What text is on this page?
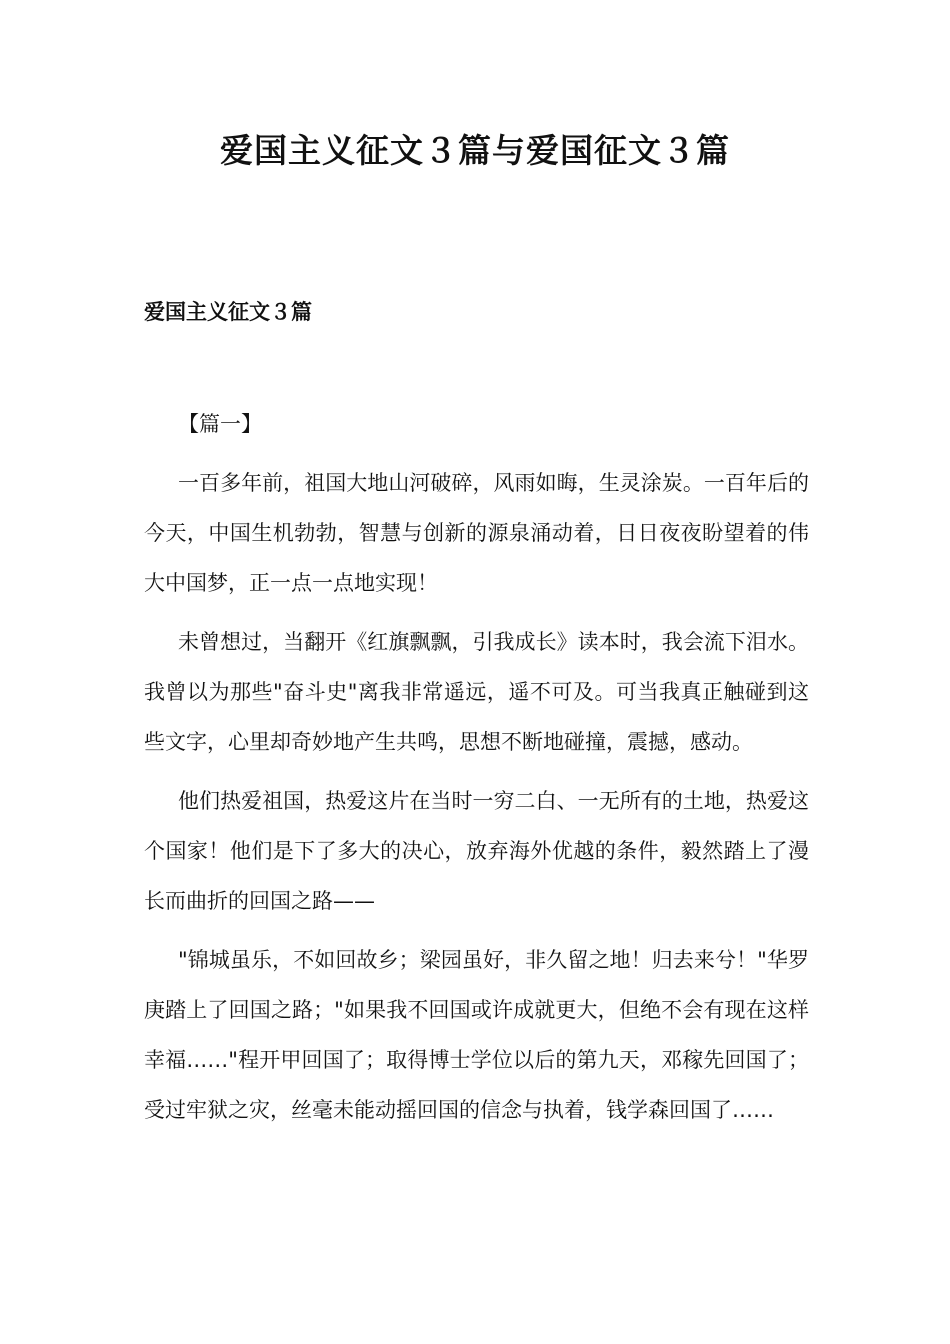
爱国主义征文３篇与爱国征文３篇
爱国主义征文３篇
【篇一】

一百多年前，祖国大地山河破碎，风雨如晦，生灵涂炭。一百年后的今天，中国生机勃勃，智慧与创新的源泉涌动着，日日夜夜盼望着的伟大中国梦，正一点一点地实现！

未曾想过，当翻开《红旗飘飘，引我成长》读本时，我会流下泪水。我曾以为那些"奋斗史"离我非常遥远，遥不可及。可当我真正触碰到这些文字，心里却奇妙地产生共鸣，思想不断地碰撞，震撼，感动。

他们热爱祖国，热爱这片在当时一穷二白、一无所有的土地，热爱这个国家！他们是下了多大的决心，放弃海外优越的条件，毅然踏上了漫长而曲折的回国之路——

"锦城虽乐，不如回故乡；梁园虽好，非久留之地！归去来兮！"华罗庚踏上了回国之路；"如果我不回国或许成就更大，但绝不会有现在这样幸福……"程开甲回国了；取得博士学位以后的第九天，邓稼先回国了；受过牢狱之灾，丝毫未能动摇回国的信念与执着，钱学森回国了……
